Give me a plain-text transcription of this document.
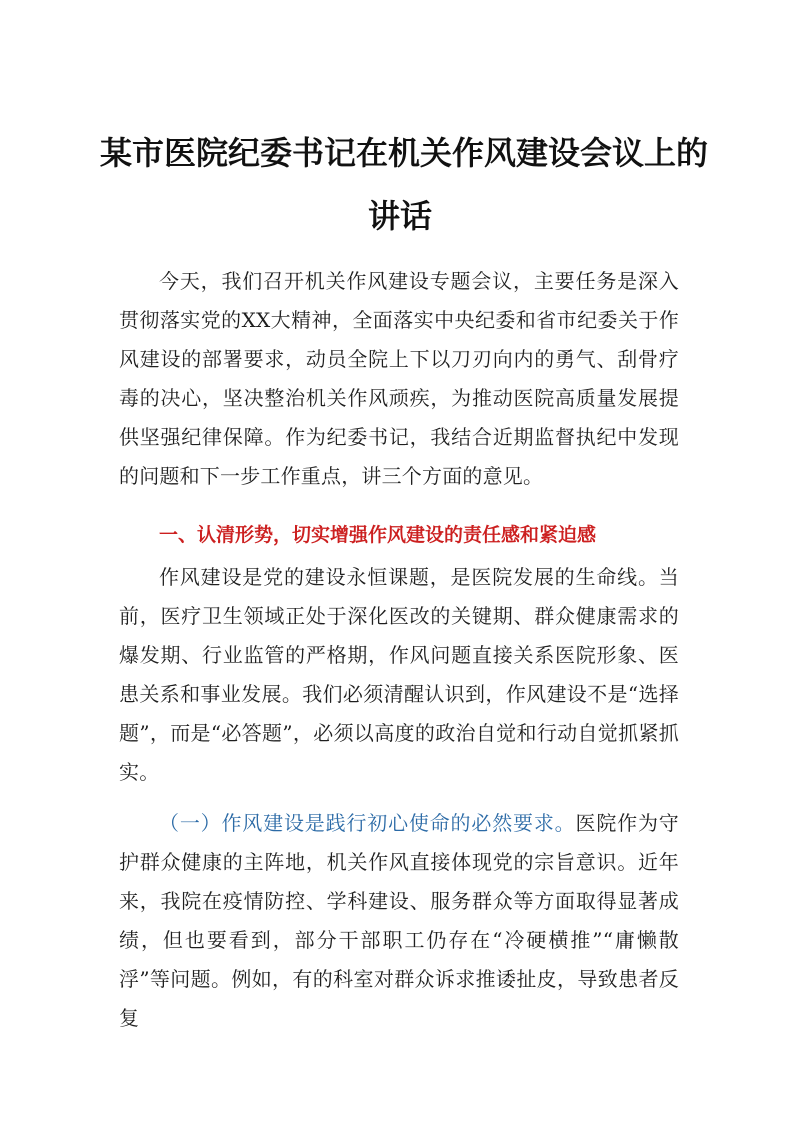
某市医院纪委书记在机关作风建设会议上的
讲话

今天，我们召开机关作风建设专题会议，主要任务是深入贯彻落实党的XX大精神，全面落实中央纪委和省市纪委关于作风建设的部署要求，动员全院上下以刀刃向内的勇气、刮骨疗毒的决心，坚决整治机关作风顽疾，为推动医院高质量发展提供坚强纪律保障。作为纪委书记，我结合近期监督执纪中发现的问题和下一步工作重点，讲三个方面的意见。

一、认清形势，切实增强作风建设的责任感和紧迫感

作风建设是党的建设永恒课题，是医院发展的生命线。当前，医疗卫生领域正处于深化医改的关键期、群众健康需求的爆发期、行业监管的严格期，作风问题直接关系医院形象、医患关系和事业发展。我们必须清醒认识到，作风建设不是“选择题”，而是“必答题”，必须以高度的政治自觉和行动自觉抓紧抓实。

（一）作风建设是践行初心使命的必然要求。医院作为守护群众健康的主阵地，机关作风直接体现党的宗旨意识。近年来，我院在疫情防控、学科建设、服务群众等方面取得显著成绩，但也要看到，部分干部职工仍存在“冷硬横推”“庸懒散浮”等问题。例如，有的科室对群众诉求推诿扯皮，导致患者反复
